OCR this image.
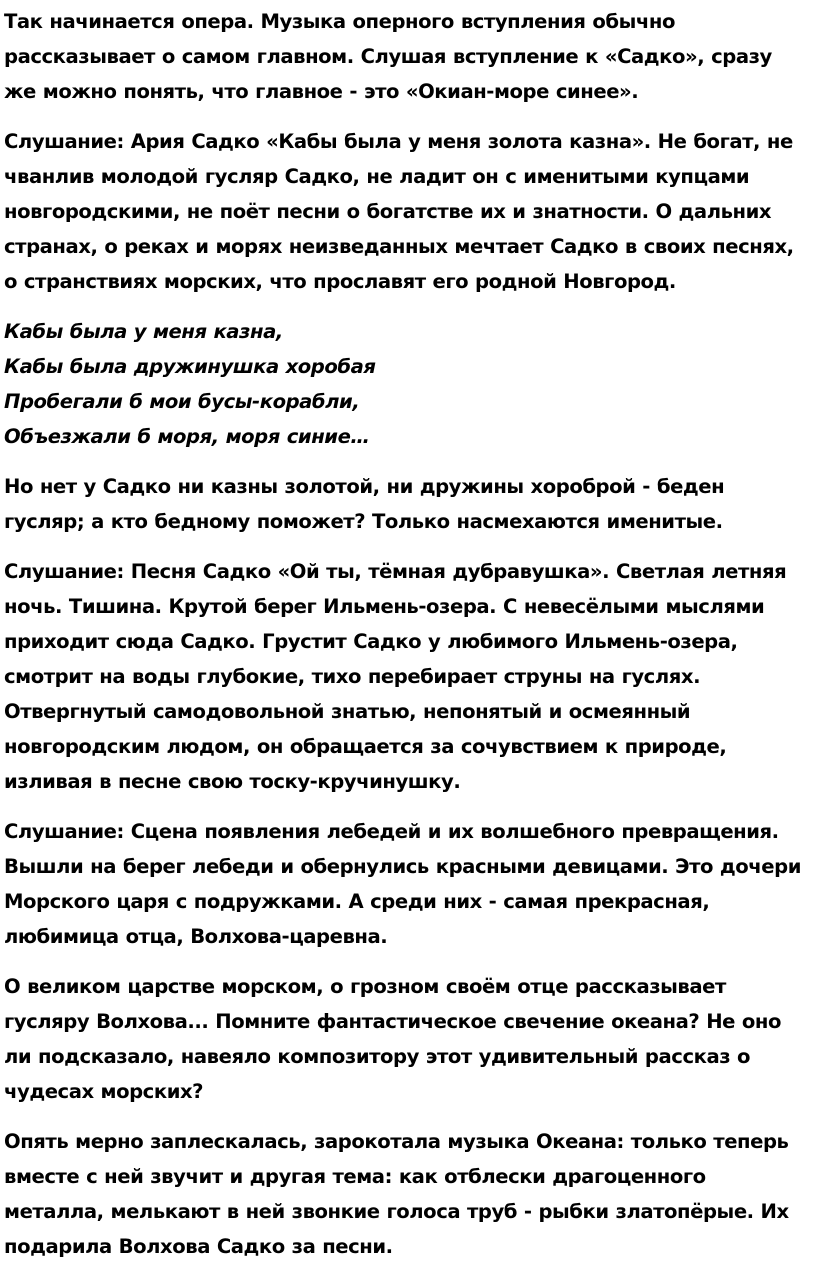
Так начинается опера. Музыка оперного вступления обычно рассказывает о самом главном. Слушая вступление к «Садко», сразу же можно понять, что главное - это «Окиан-море синее».

Слушание: Ария Садко «Кабы была у меня золота казна». Не богат, не чванлив молодой гусляр Садко, не ладит он с именитыми купцами новгородскими, не поёт песни о богатстве их и знатности. О дальних странах, о реках и морях неизведанных мечтает Садко в своих песнях, о странствиях морских, что прославят его родной Новгород.

Кабы была у меня казна,
Кабы была дружинушка хоробая
Пробегали б мои бусы-корабли,
Объезжали б моря, моря синие…

Но нет у Садко ни казны золотой, ни дружины хороброй - беден гусляр; а кто бедному поможет? Только насмехаются именитые.

Слушание: Песня Садко «Ой ты, тёмная дубравушка». Светлая летняя ночь. Тишина. Крутой берег Ильмень-озера. С невесёлыми мыслями приходит сюда Садко. Грустит Садко у любимого Ильмень-озера, смотрит на воды глубокие, тихо перебирает струны на гуслях. Отвергнутый самодовольной знатью, непонятый и осмеянный новгородским людом, он обращается за сочувствием к природе, изливая в песне свою тоску-кручинушку.

Слушание: Сцена появления лебедей и их волшебного превращения. Вышли на берег лебеди и обернулись красными девицами. Это дочери Морского царя с подружками. А среди них - самая прекрасная, любимица отца, Волхова-царевна.

О великом царстве морском, о грозном своём отце рассказывает гусляру Волхова... Помните фантастическое свечение океана? Не оно ли подсказало, навеяло композитору этот удивительный рассказ о чудесах морских?

Опять мерно заплескалась, зарокотала музыка Океана: только теперь вместе с ней звучит и другая тема: как отблески драгоценного металла, мелькают в ней звонкие голоса труб - рыбки златопёрые. Их подарила Волхова Садко за песни.
